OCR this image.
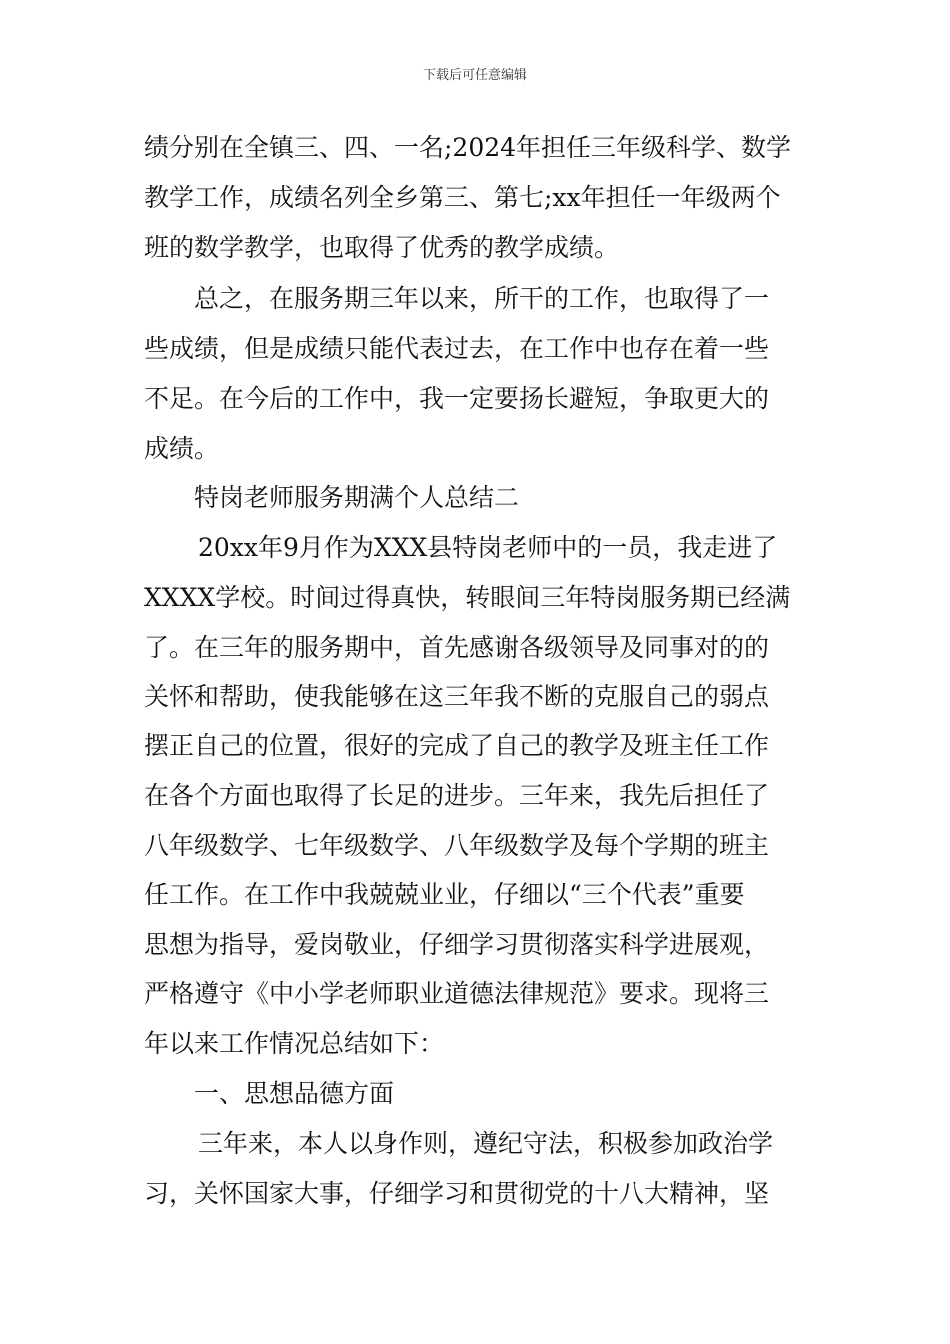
下载后可任意编辑
绩分别在全镇三、四、一名;2024年担任三年级科学、数学
教学工作，成绩名列全乡第三、第七;xx年担任一年级两个
班的数学教学，也取得了优秀的教学成绩。
总之，在服务期三年以来，所干的工作，也取得了一
些成绩，但是成绩只能代表过去，在工作中也存在着一些
不足。在今后的工作中，我一定要扬长避短，争取更大的
成绩。
特岗老师服务期满个人总结二
20xx年9月作为XXX县特岗老师中的一员，我走进了
XXXX学校。时间过得真快，转眼间三年特岗服务期已经满
了。在三年的服务期中，首先感谢各级领导及同事对的的
关怀和帮助，使我能够在这三年我不断的克服自己的弱点
摆正自己的位置，很好的完成了自己的教学及班主任工作
在各个方面也取得了长足的进步。三年来，我先后担任了
八年级数学、七年级数学、八年级数学及每个学期的班主
任工作。在工作中我兢兢业业，仔细以“三个代表”重要
思想为指导，爱岗敬业，仔细学习贯彻落实科学进展观，
严格遵守《中小学老师职业道德法律规范》要求。现将三
年以来工作情况总结如下：
一、思想品德方面
三年来，本人以身作则，遵纪守法，积极参加政治学
习，关怀国家大事，仔细学习和贯彻党的十八大精神，坚
